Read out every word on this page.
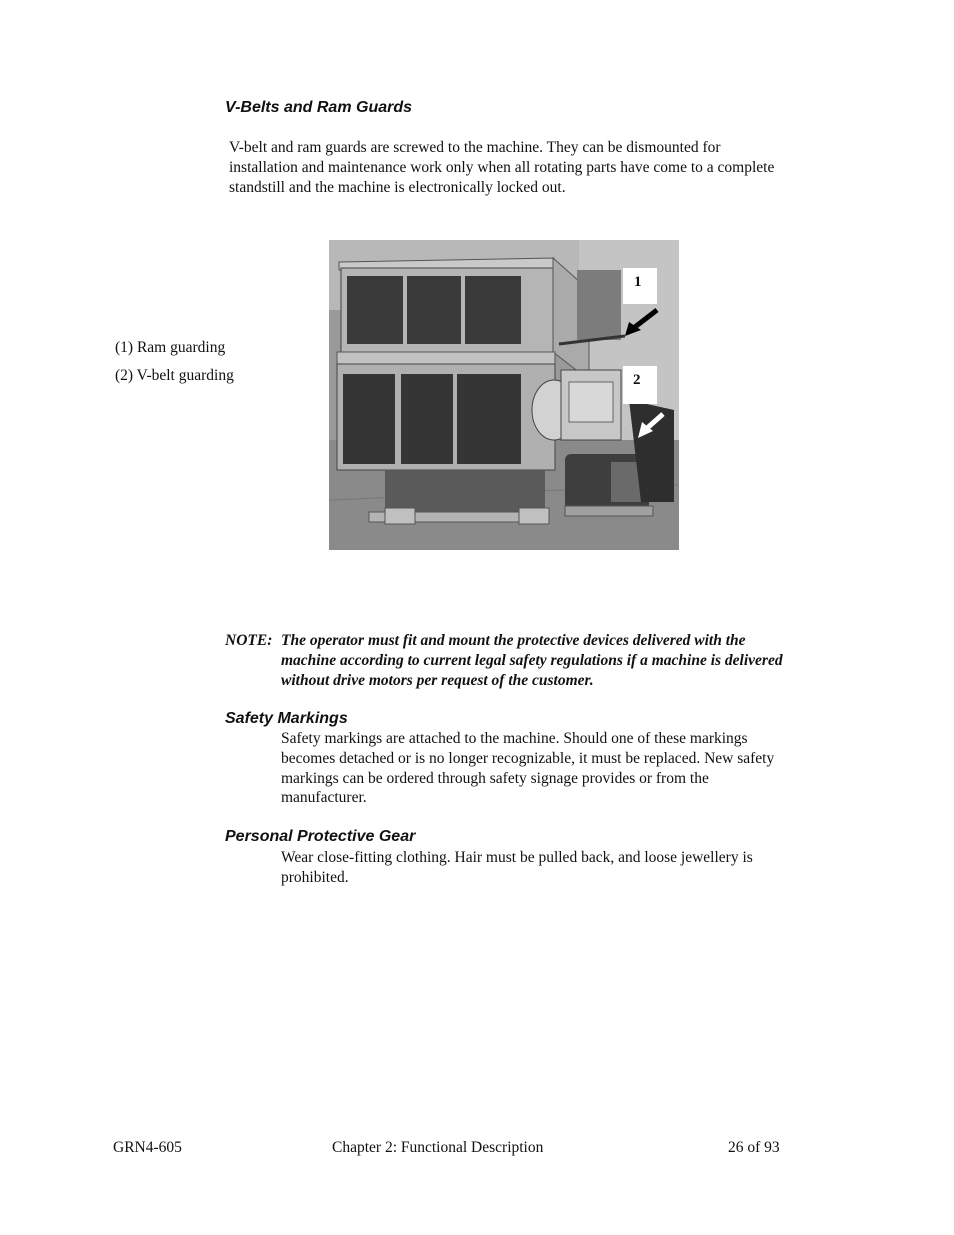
V-Belts and Ram Guards
V-belt and ram guards are screwed to the machine. They can be dismounted for
installation and maintenance work only when all rotating parts have come to a complete
standstill and the machine is electronically locked out.
(1) Ram guarding
(2) V-belt guarding
1
2
NOTE: The operator must fit and mount the protective devices delivered with the
machine according to current legal safety regulations if a machine is delivered
without drive motors per request of the customer.
Safety Markings
Safety markings are attached to the machine. Should one of these markings
becomes detached or is no longer recognizable, it must be replaced. New safety
markings can be ordered through safety signage provides or from the
manufacturer.
Personal Protective Gear
Wear close-fitting clothing. Hair must be pulled back, and loose jewellery is
prohibited.
GRN4-605	Chapter 2: Functional Description	26 of 93
